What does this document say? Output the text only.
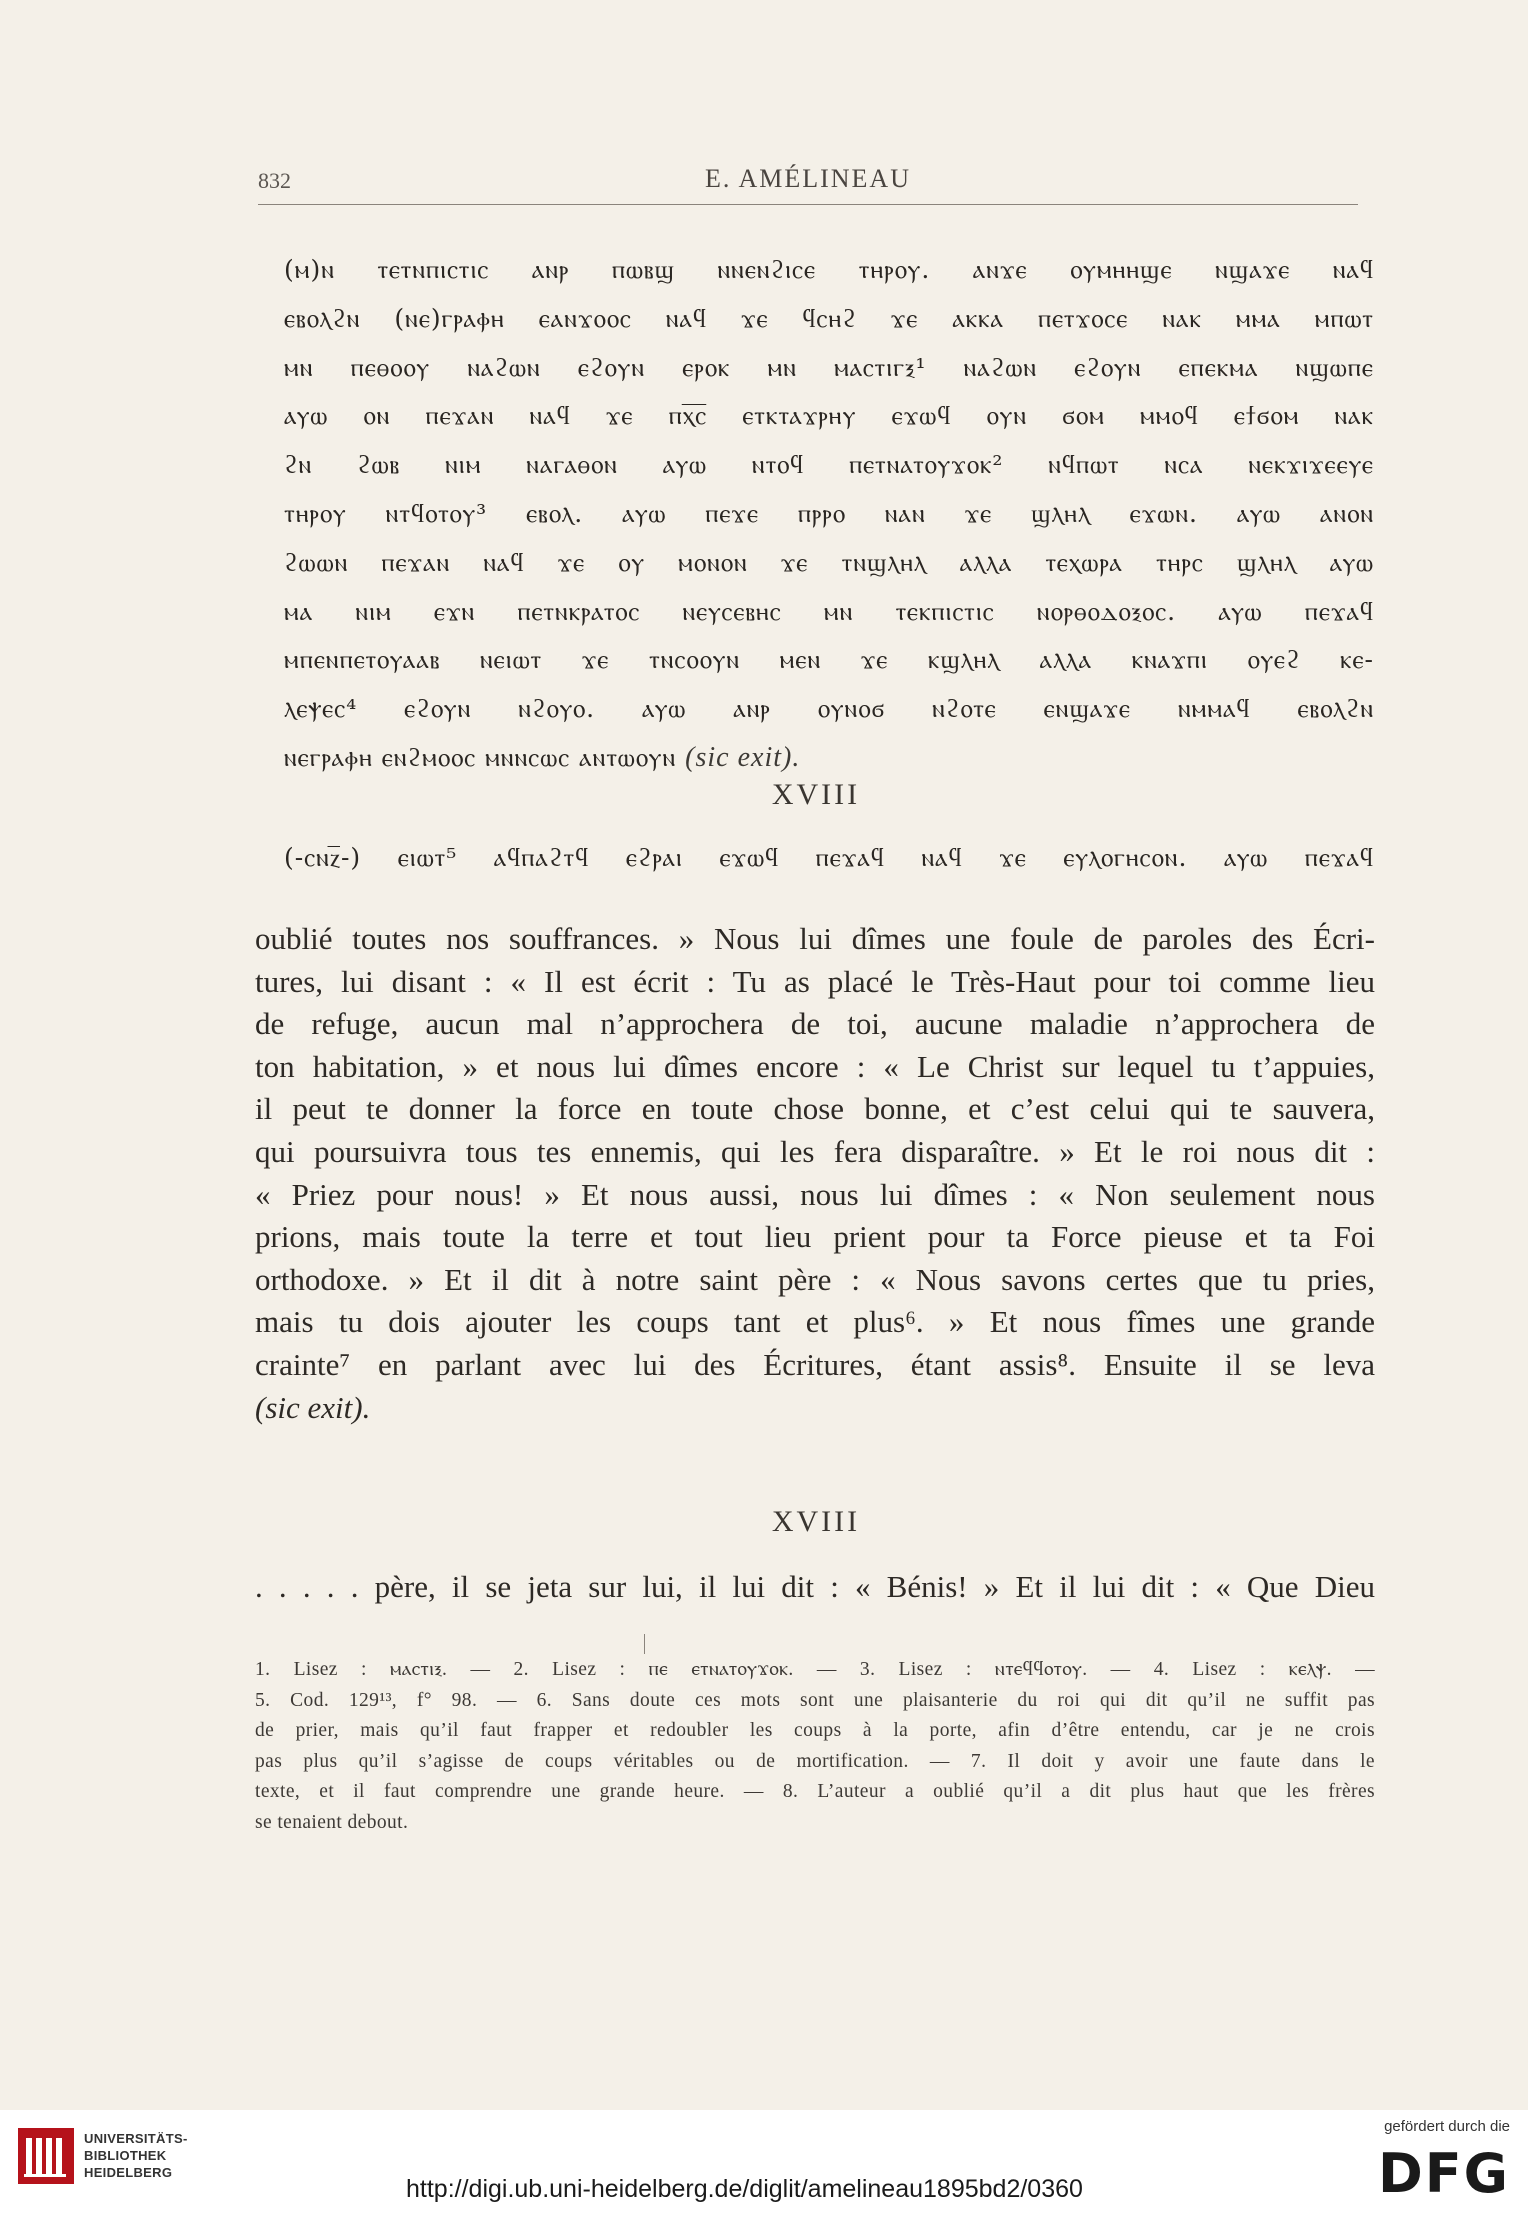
832	E. AMÉLINEAU
(ⲙ)ⲛ ⲧⲉⲧⲛⲡⲓⲥⲧⲓⲥ ⲁⲛⲣ ⲡⲱⲃϣ ⲛⲛⲉⲛϩⲓⲥⲉ ⲧⲏⲣⲟⲩ. ⲁⲛϫⲉ ⲟⲩⲙⲏⲏϣⲉ ⲛϣⲁϫⲉ ⲛⲁϥ
ⲉⲃⲟⲗϩⲛ (ⲛⲉ)ⲅⲣⲁⲫⲏ ⲉⲁⲛϫⲟⲟⲥ ⲛⲁϥ ϫⲉ ϥⲥⲏϩ ϫⲉ ⲁⲕⲕⲁ ⲡⲉⲧϫⲟⲥⲉ ⲛⲁⲕ ⲙⲙⲁ ⲙⲡⲱⲧ
ⲙⲛ ⲡⲉⲑⲟⲟⲩ ⲛⲁϩⲱⲛ ⲉϩⲟⲩⲛ ⲉⲣⲟⲕ ⲙⲛ ⲙⲁⲥⲧⲓⲅⲝ¹ ⲛⲁϩⲱⲛ ⲉϩⲟⲩⲛ ⲉⲡⲉⲕⲙⲁ ⲛϣⲱⲡⲉ
ⲁⲩⲱ ⲟⲛ ⲡⲉϫⲁⲛ ⲛⲁϥ ϫⲉ ⲡⲭ̅ⲥ̅ ⲉⲧⲕⲧⲁϫⲣⲏⲩ ⲉϫⲱϥ ⲟⲩⲛ ϭⲟⲙ ⲙⲙⲟϥ ⲉϯϭⲟⲙ ⲛⲁⲕ
ϩⲛ ϩⲱⲃ ⲛⲓⲙ ⲛⲁⲅⲁⲑⲟⲛ ⲁⲩⲱ ⲛⲧⲟϥ ⲡⲉⲧⲛⲁⲧⲟⲩϫⲟⲕ² ⲛϥⲡⲱⲧ ⲛⲥⲁ ⲛⲉⲕϫⲓϫⲉⲉⲩⲉ
ⲧⲏⲣⲟⲩ ⲛⲧϥⲟⲧⲟⲩ³ ⲉⲃⲟⲗ. ⲁⲩⲱ ⲡⲉϫⲉ ⲡⲣⲣⲟ ⲛⲁⲛ ϫⲉ ϣⲗⲏⲗ ⲉϫⲱⲛ. ⲁⲩⲱ ⲁⲛⲟⲛ
ϩⲱⲱⲛ ⲡⲉϫⲁⲛ ⲛⲁϥ ϫⲉ ⲟⲩ ⲙⲟⲛⲟⲛ ϫⲉ ⲧⲛϣⲗⲏⲗ ⲁⲗⲗⲁ ⲧⲉⲭⲱⲣⲁ ⲧⲏⲣⲥ ϣⲗⲏⲗ ⲁⲩⲱ
ⲙⲁ ⲛⲓⲙ ⲉϫⲛ ⲡⲉⲧⲛⲕⲣⲁⲧⲟⲥ ⲛⲉⲩⲥⲉⲃⲏⲥ ⲙⲛ ⲧⲉⲕⲡⲓⲥⲧⲓⲥ ⲛⲟⲣⲑⲟⲇⲟⲝⲟⲥ. ⲁⲩⲱ ⲡⲉϫⲁϥ
ⲙⲡⲉⲛⲡⲉⲧⲟⲩⲁⲁⲃ ⲛⲉⲓⲱⲧ ϫⲉ ⲧⲛⲥⲟⲟⲩⲛ ⲙⲉⲛ ϫⲉ ⲕϣⲗⲏⲗ ⲁⲗⲗⲁ ⲕⲛⲁϫⲡⲓ ⲟⲩⲉϩ ⲕⲉ-
ⲗⲉⲯⲉⲥ⁴ ⲉϩⲟⲩⲛ ⲛϩⲟⲩⲟ. ⲁⲩⲱ ⲁⲛⲣ ⲟⲩⲛⲟϭ ⲛϩⲟⲧⲉ ⲉⲛϣⲁϫⲉ ⲛⲙⲙⲁϥ ⲉⲃⲟⲗϩⲛ
ⲛⲉⲅⲣⲁⲫⲏ ⲉⲛϩⲙⲟⲟⲥ ⲙⲛⲛⲥⲱⲥ ⲁⲛⲧⲱⲟⲩⲛ (sic exit).
XVIII
(-ⲥⲛⲍ̅-) ⲉⲓⲱⲧ⁵ ⲁϥⲡⲁϩⲧϥ ⲉϩⲣⲁⲓ ⲉϫⲱϥ ⲡⲉϫⲁϥ ⲛⲁϥ ϫⲉ ⲉⲩⲗⲟⲅⲏⲥⲟⲛ. ⲁⲩⲱ ⲡⲉϫⲁϥ
oublié toutes nos souffrances. » Nous lui dîmes une foule de paroles des Écri-
tures, lui disant : « Il est écrit : Tu as placé le Très-Haut pour toi comme lieu
de refuge, aucun mal n’approchera de toi, aucune maladie n’approchera de
ton habitation, » et nous lui dîmes encore : « Le Christ sur lequel tu t’appuies,
il peut te donner la force en toute chose bonne, et c’est celui qui te sauvera,
qui poursuivra tous tes ennemis, qui les fera disparaître. » Et le roi nous dit :
« Priez pour nous! » Et nous aussi, nous lui dîmes : « Non seulement nous
prions, mais toute la terre et tout lieu prient pour ta Force pieuse et ta Foi
orthodoxe. » Et il dit à notre saint père : « Nous savons certes que tu pries,
mais tu dois ajouter les coups tant et plus⁶. » Et nous fîmes une grande
crainte⁷ en parlant avec lui des Écritures, étant assis⁸. Ensuite il se leva
(sic exit).
XVIII
. . . . . père, il se jeta sur lui, il lui dit : « Bénis! » Et il lui dit : « Que Dieu
1. Lisez : ⲙⲁⲥⲧⲓⲝ. — 2. Lisez : ⲡⲉ ⲉⲧⲛⲁⲧⲟⲩϫⲟⲕ. — 3. Lisez : ⲛⲧⲉϥϥⲟⲧⲟⲩ. — 4. Lisez : ⲕⲉⲗⲯ. —
5. Cod. 129¹³, f° 98. — 6. Sans doute ces mots sont une plaisanterie du roi qui dit qu’il ne suffit pas
de prier, mais qu’il faut frapper et redoubler les coups à la porte, afin d’être entendu, car je ne crois
pas plus qu’il s’agisse de coups véritables ou de mortification. — 7. Il doit y avoir une faute dans le
texte, et il faut comprendre une grande heure. — 8. L’auteur a oublié qu’il a dit plus haut que les frères
se tenaient debout.
UNIVERSITÄTS-
BIBLIOTHEK
HEIDELBERG
http://digi.ub.uni-heidelberg.de/diglit/amelineau1895bd2/0360
gefördert durch die
DFG
